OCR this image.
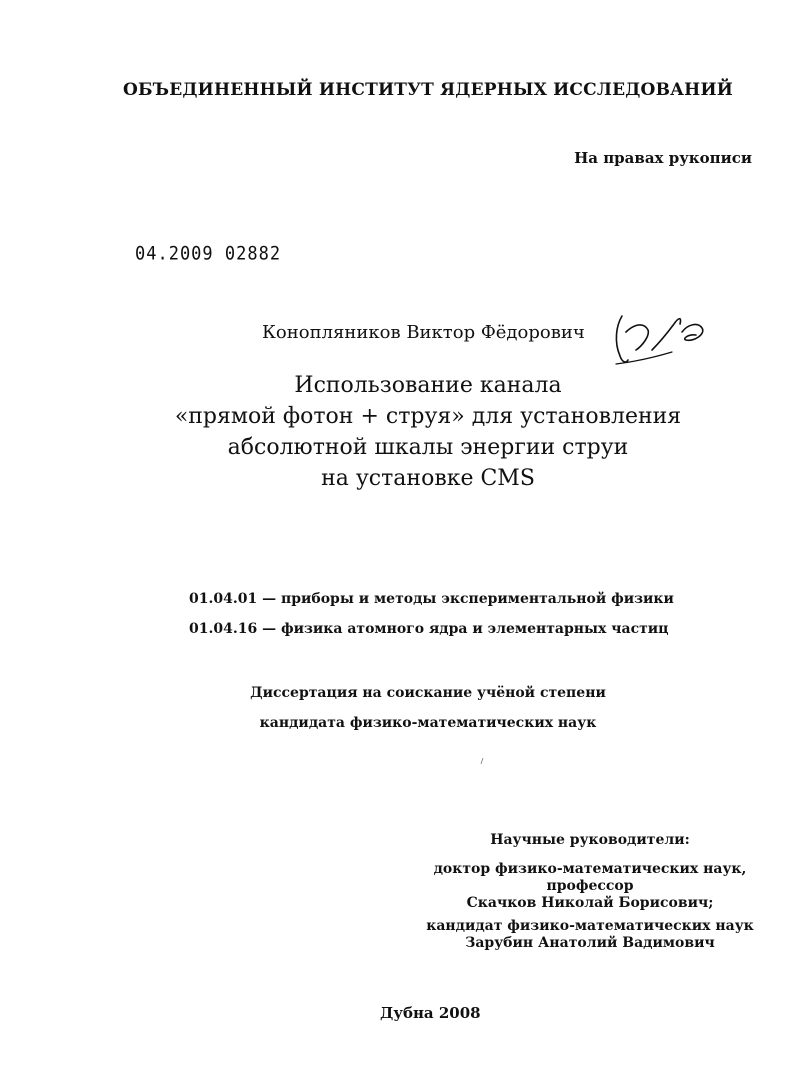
ОБЪЕДИНЕННЫЙ ИНСТИТУТ ЯДЕРНЫХ ИССЛЕДОВАНИЙ
На правах рукописи
04.2009 02882
Конопляников Виктор Фёдорович
Использование канала
«прямой фотон + струя» для установления
абсолютной шкалы энергии струи
на установке CMS
01.04.01 — приборы и методы экспериментальной физики
01.04.16 — физика атомного ядра и элементарных частиц
Диссертация на соискание учёной степени
кандидата физико-математических наук
Научные руководители:
доктор физико-математических наук,
профессор
Скачков Николай Борисович;
кандидат физико-математических наук
Зарубин Анатолий Вадимович
Дубна 2008
